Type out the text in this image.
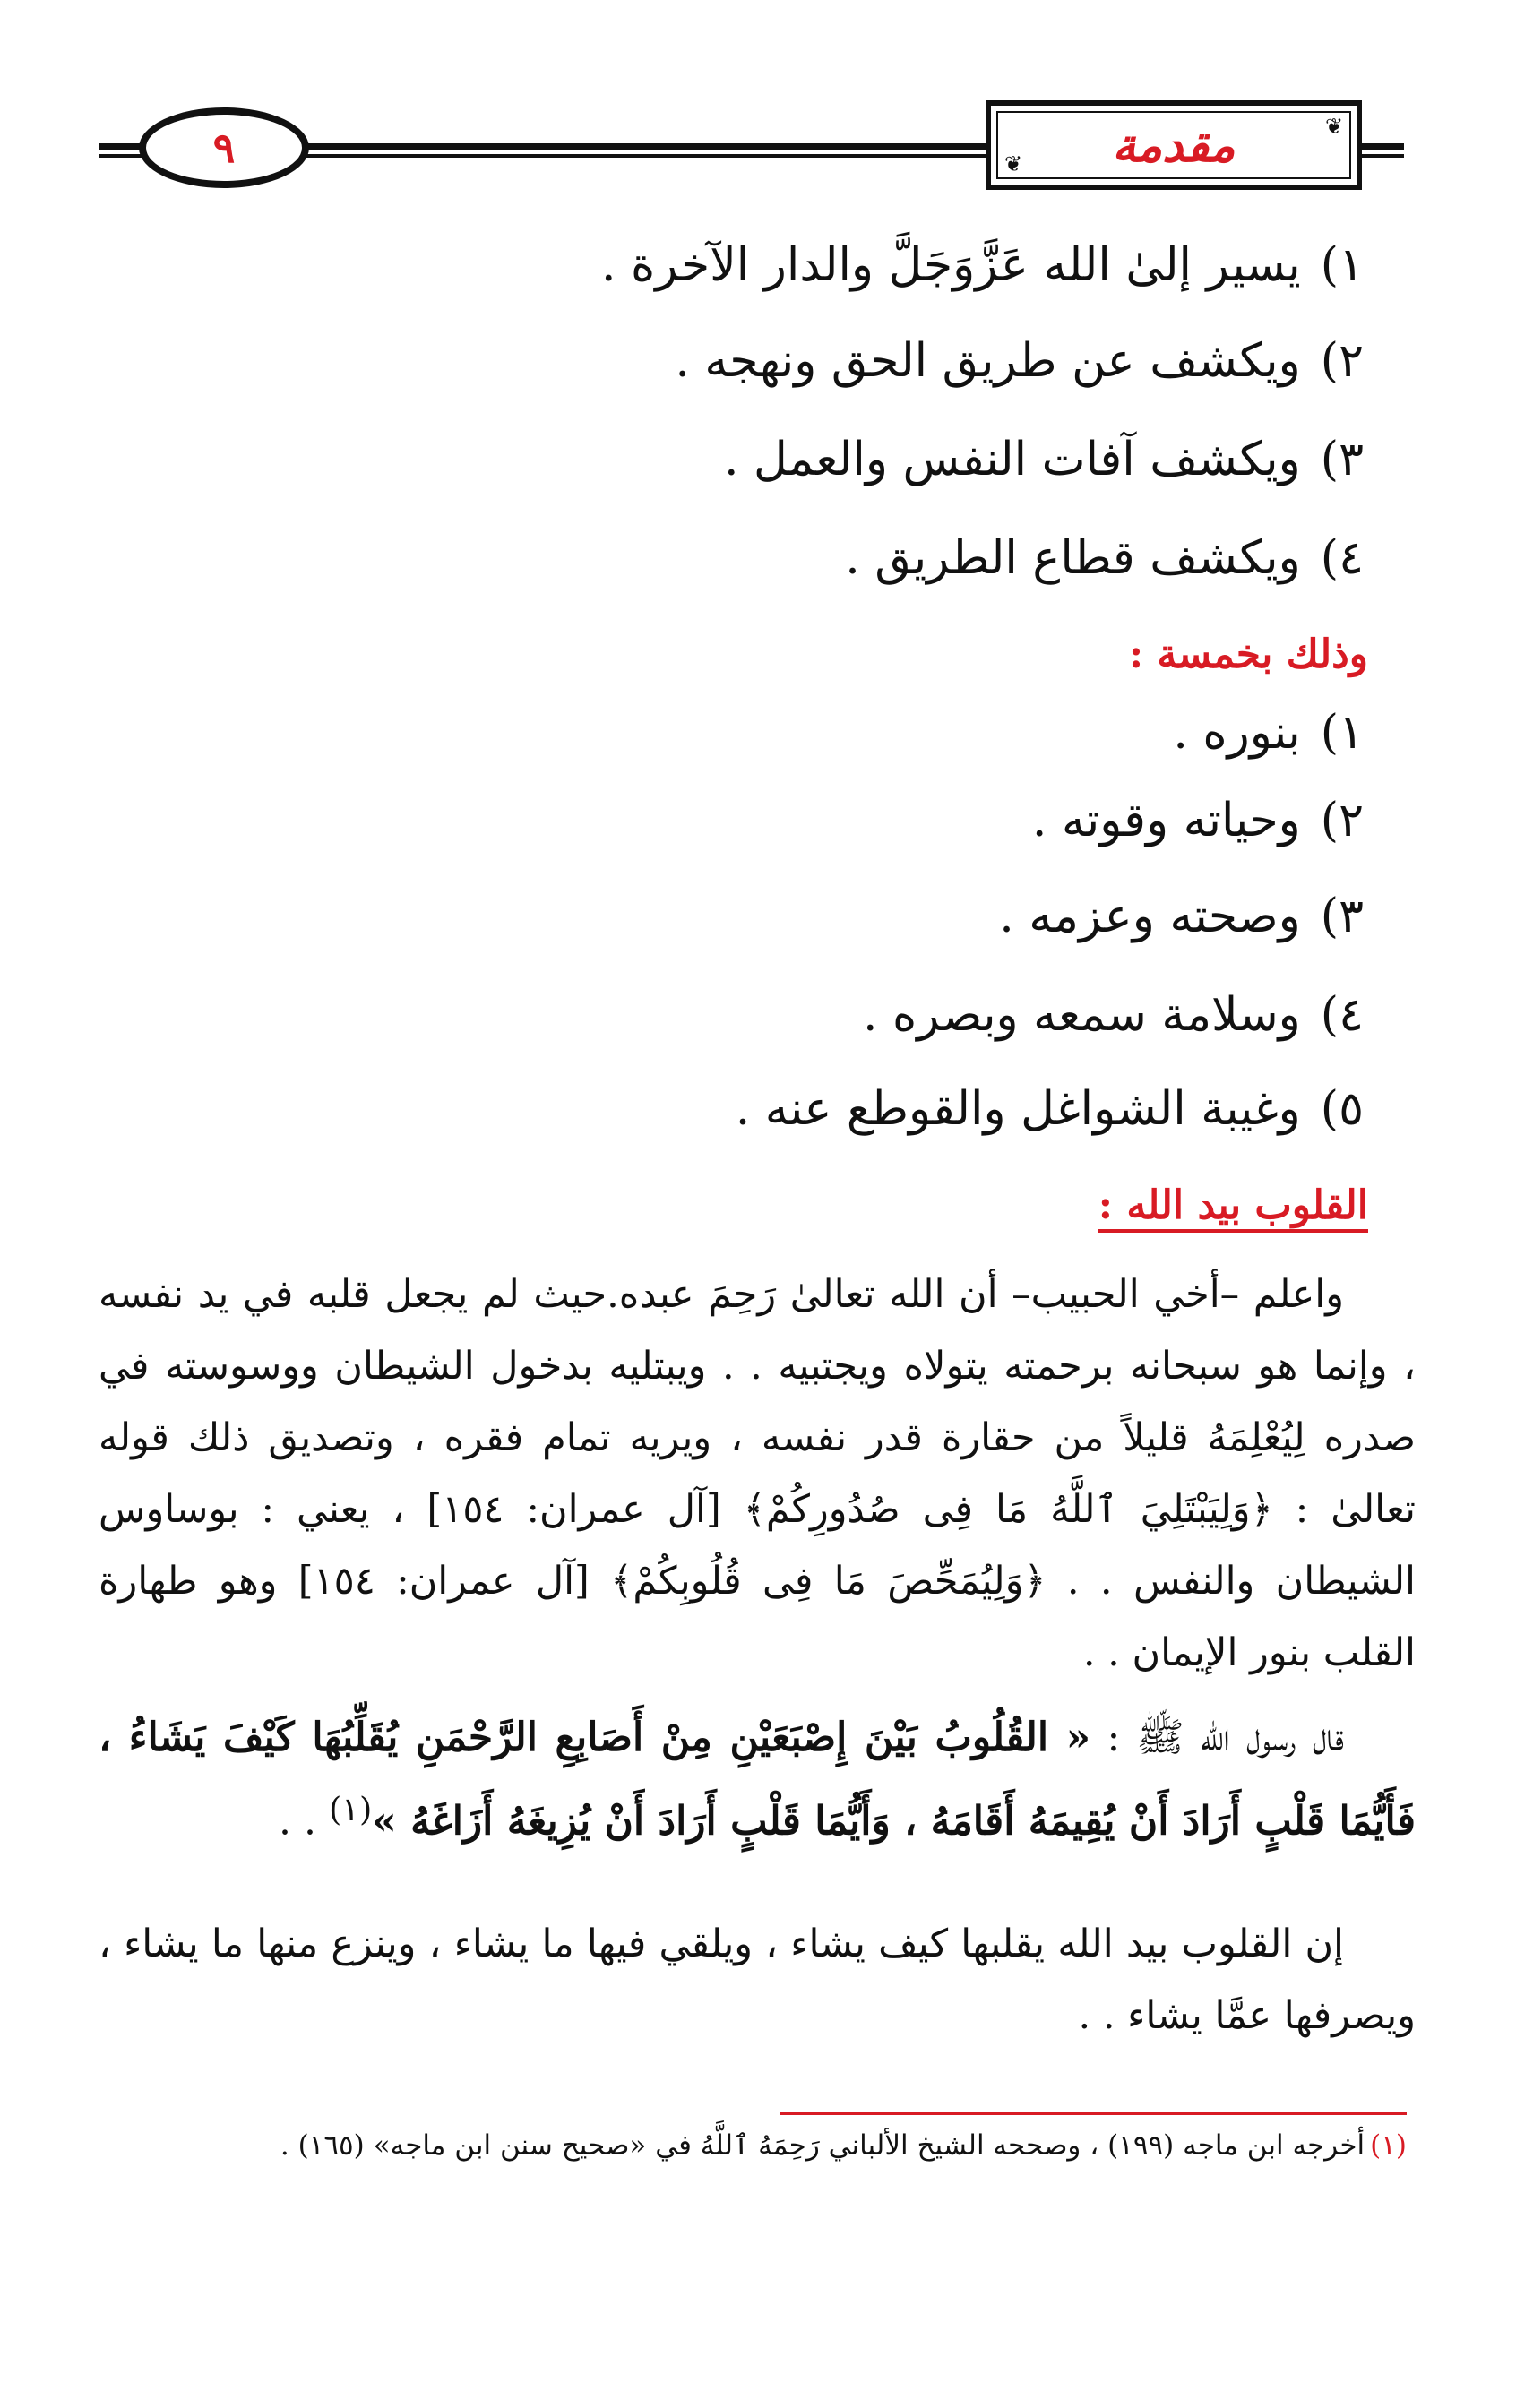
٩	❦
❦ مقدمة
١)يسير إلىٰ الله عَزَّوَجَلَّ والدار الآخرة .
٢)ويكشف عن طريق الحق ونهجه .
٣)ويكشف آفات النفس والعمل .
٤)ويكشف قطاع الطريق .
وذلك بخمسة :
١)بنوره .
٢)وحياته وقوته .
٣)وصحته وعزمه .
٤)وسلامة سمعه وبصره .
٥)وغيبة الشواغل والقوطع عنه .
القلوب بيد الله :
واعلم –أخي الحبيب– أن الله تعالىٰ رَحِمَ عبده.حيث لم يجعل قلبه في يد نفسه ، وإنما هو سبحانه برحمته يتولاه ويجتبيه . . ويبتليه بدخول الشيطان ووسوسته في صدره لِيُعْلِمَهُ قليلاً من حقارة قدر نفسه ، ويريه تمام فقره ، وتصديق ذلك قوله تعالىٰ : ﴿وَلِيَبْتَلِيَ ٱللَّهُ مَا فِى صُدُورِكُمْ﴾ [آل عمران: ١٥٤] ، يعني : بوساوس الشيطان والنفس . . ﴿وَلِيُمَحِّصَ مَا فِى قُلُوبِكُمْ﴾ [آل عمران: ١٥٤] وهو طهارة القلب بنور الإيمان . .
قال رسول الله ﷺ : « القُلُوبُ بَيْنَ إِصْبَعَيْنِ مِنْ أَصَابِعِ الرَّحْمَنِ يُقَلِّبُهَا كَيْفَ يَشَاءُ ، فَأَيُّمَا قَلْبٍ أَرَادَ أَنْ يُقِيمَهُ أَقَامَهُ ، وَأَيُّمَا قَلْبٍ أَرَادَ أَنْ يُزِيغَهُ أَزَاغَهُ »$^{(١)}$ . .
إن القلوب بيد الله يقلبها كيف يشاء ، ويلقي فيها ما يشاء ، وينزع منها ما يشاء ، ويصرفها عمَّا يشاء . .
(١)أخرجه ابن ماجه (١٩٩) ، وصححه الشيخ الألباني رَحِمَهُ ٱللَّهُ في «صحيح سنن ابن ماجه» (١٦٥) .
